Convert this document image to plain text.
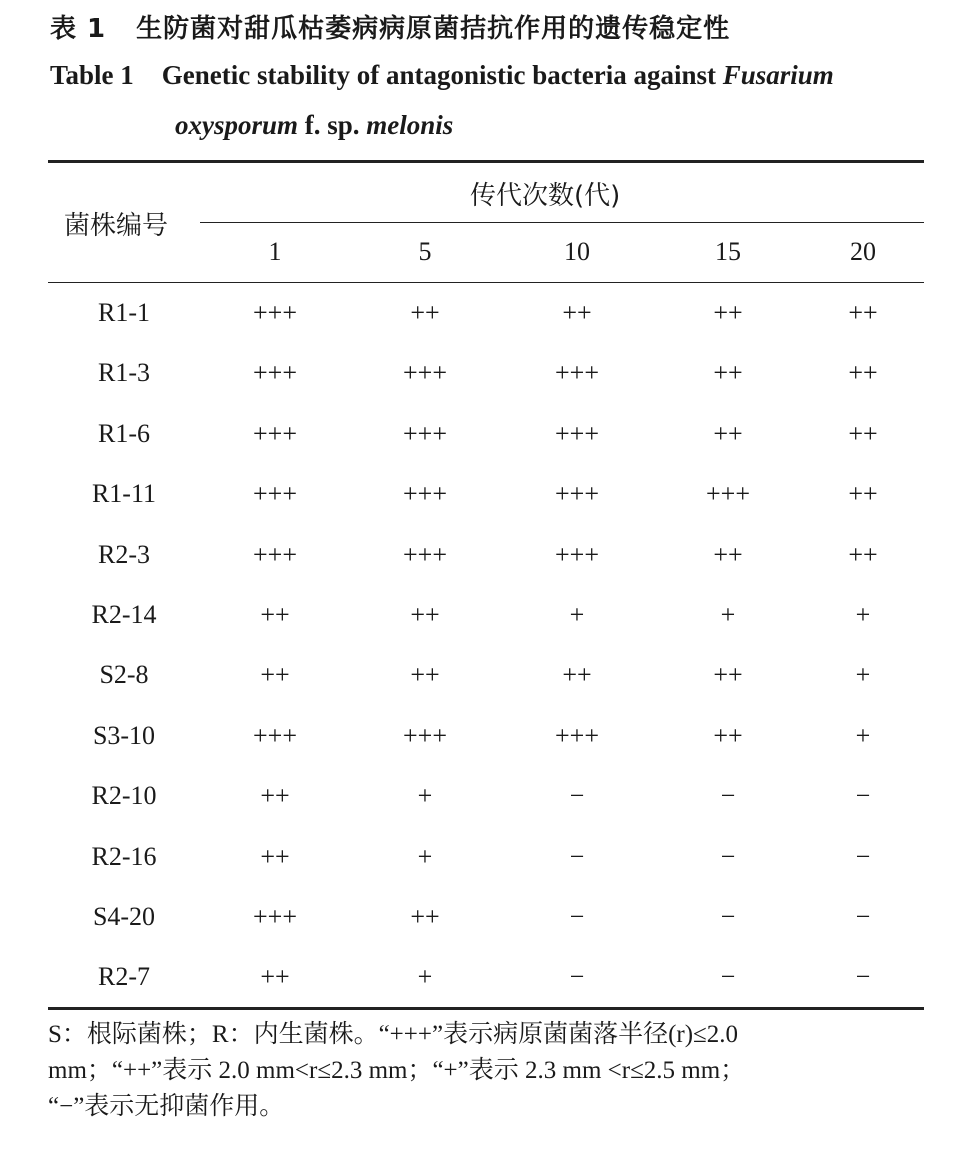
表 1 生防菌对甜瓜枯萎病病原菌拮抗作用的遗传稳定性
Table 1 Genetic stability of antagonistic bacteria against Fusarium
oxysporum f. sp. melonis
菌株编号
传代次数(代)
1	5	10	15	20
R1-1	+++	++	++	++	++
R1-3	+++	+++	+++	++	++
R1-6	+++	+++	+++	++	++
R1-11	+++	+++	+++	+++	++
R2-3	+++	+++	+++	++	++
R2-14	++	++	+	+	+
S2-8	++	++	++	++	+
S3-10	+++	+++	+++	++	+
R2-10	++	+	−	−	−
R2-16	++	+	−	−	−
S4-20	+++	++	−	−	−
R2-7	++	+	−	−	−
S：根际菌株；R：内生菌株。“+++”表示病原菌菌落半径(r)≤2.0
mm；“++”表示 2.0 mm<r≤2.3 mm；“+”表示 2.3 mm <r≤2.5 mm；
“−”表示无抑菌作用。
